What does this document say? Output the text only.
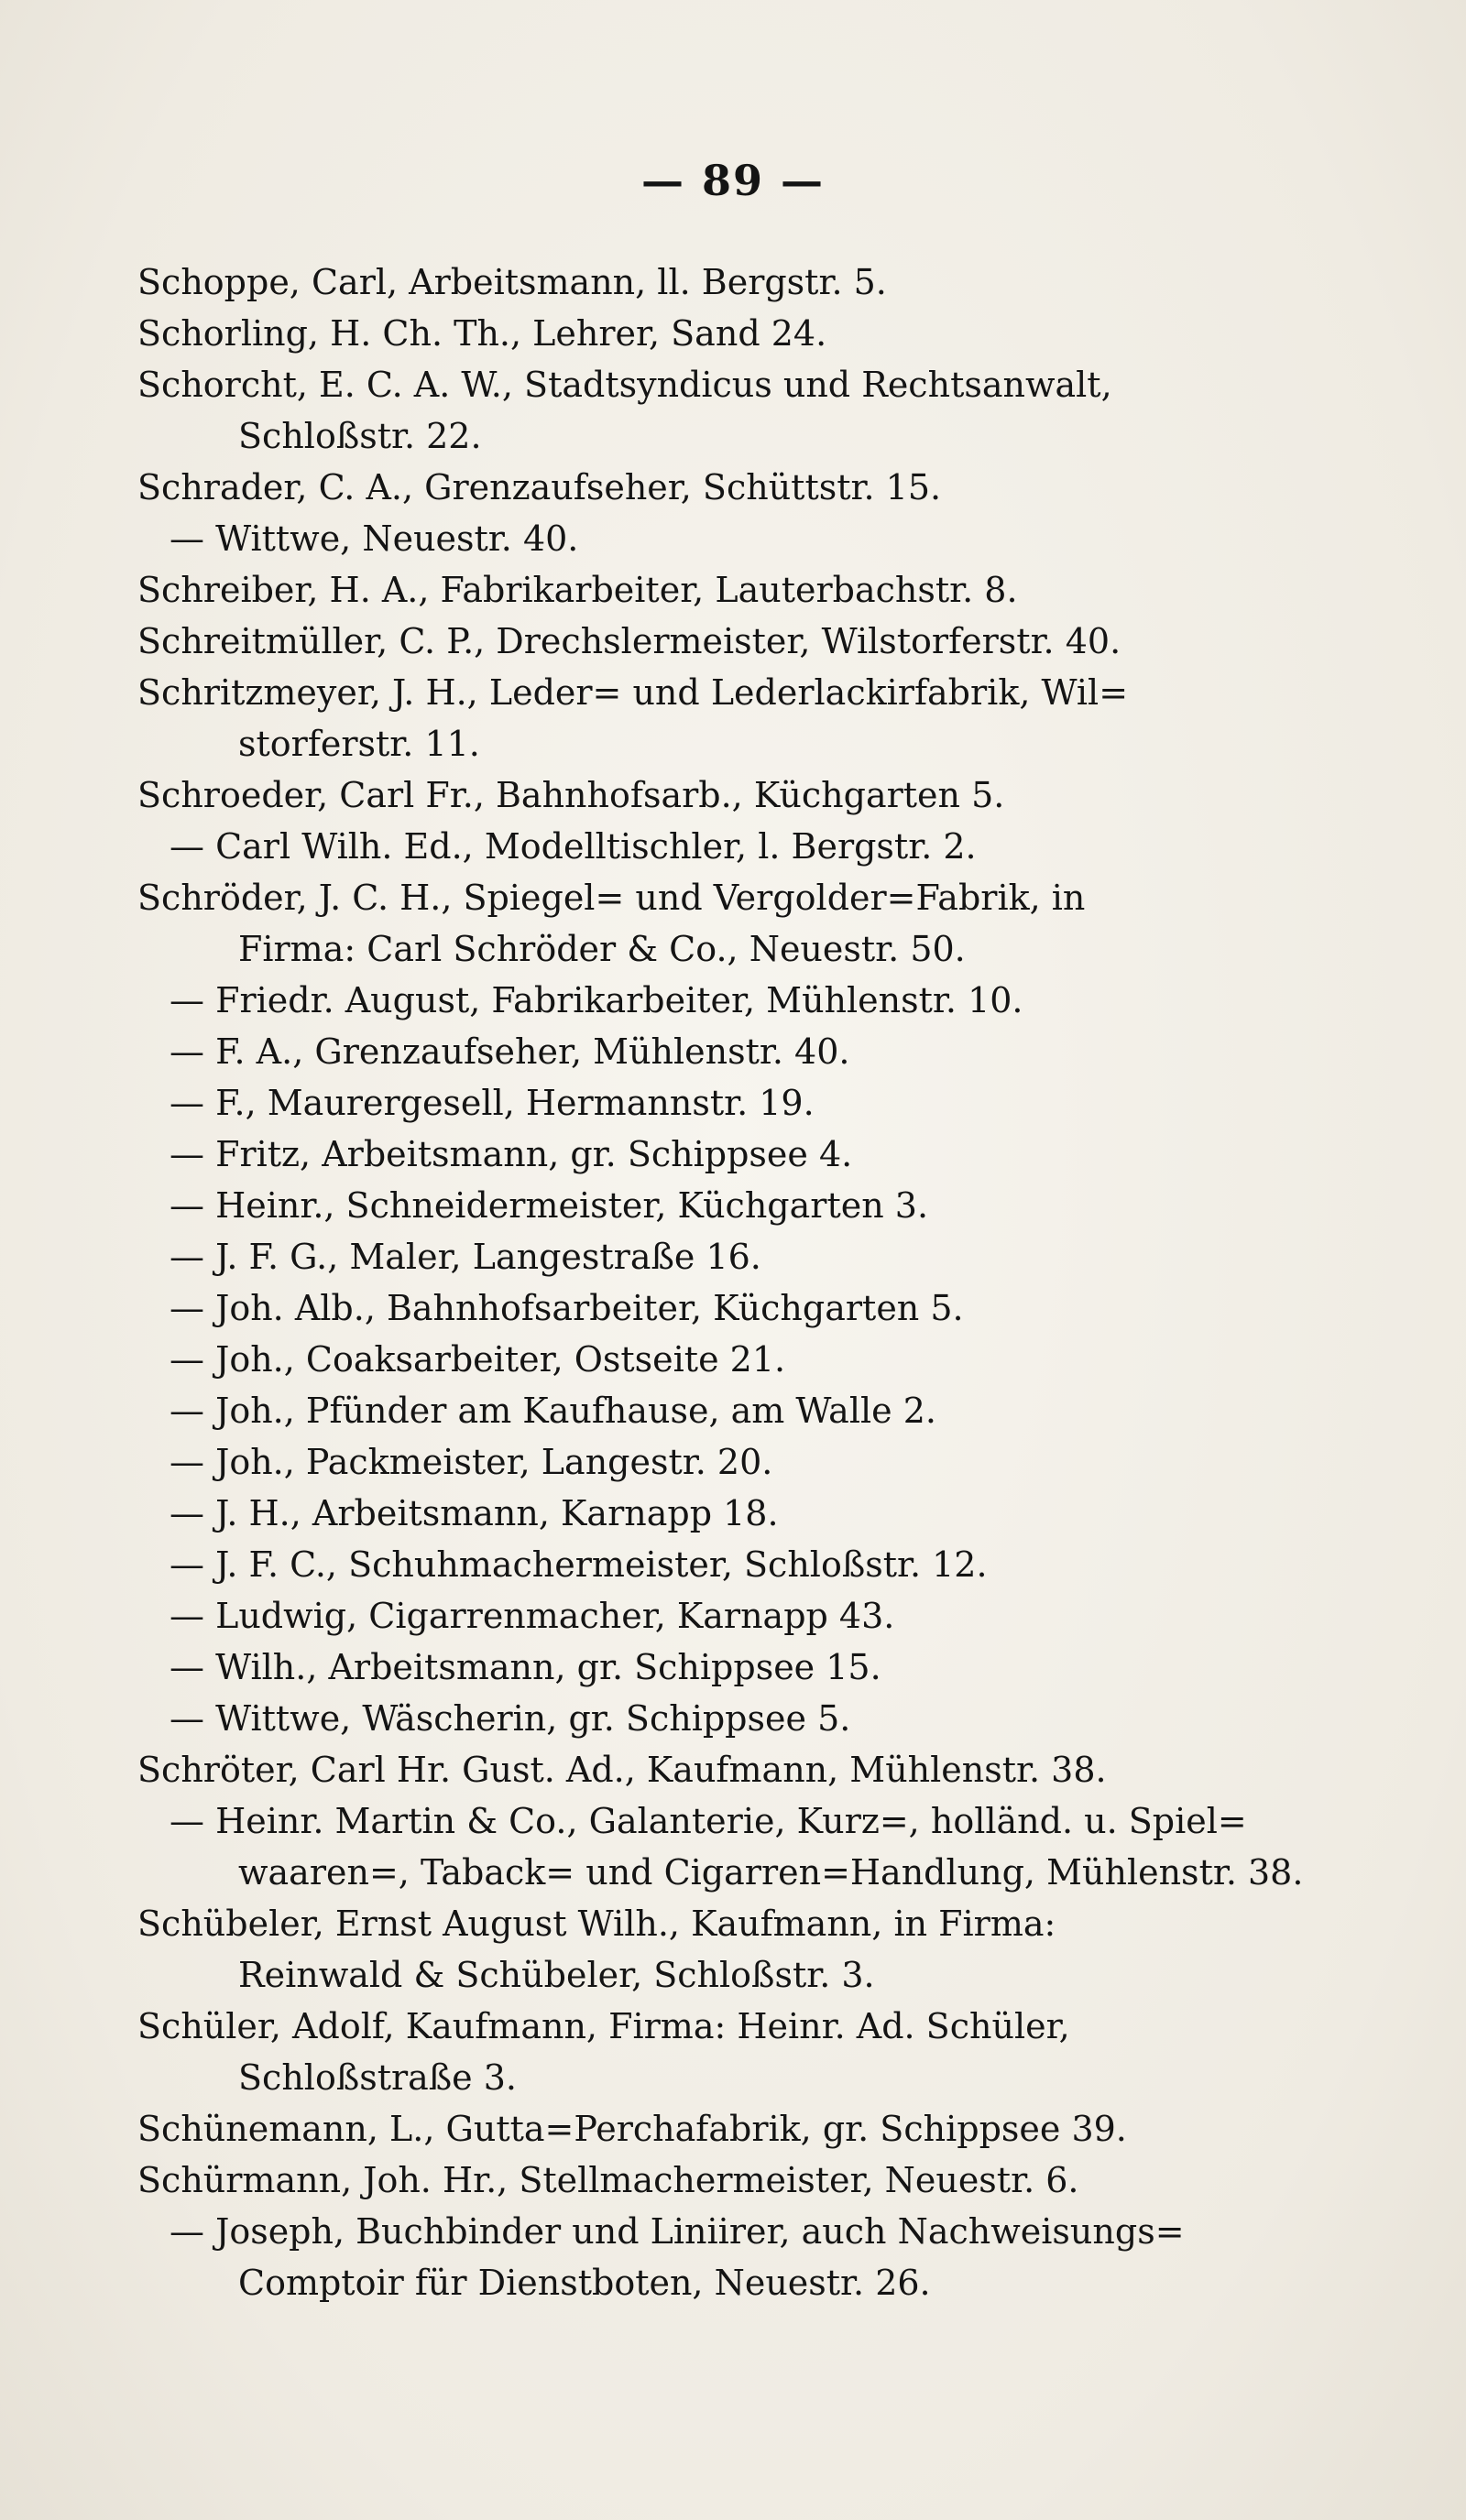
— 89 —
Schoppe, Carl, Arbeitsmann, ll. Bergstr. 5.
Schorling, H. Ch. Th., Lehrer, Sand 24.
Schorcht, E. C. A. W., Stadtsyndicus und Rechtsanwalt,
Schloßstr. 22.
Schrader, C. A., Grenzaufseher, Schüttstr. 15.
— Wittwe, Neuestr. 40.
Schreiber, H. A., Fabrikarbeiter, Lauterbachstr. 8.
Schreitmüller, C. P., Drechslermeister, Wilstorferstr. 40.
Schritzmeyer, J. H., Leder= und Lederlackirfabrik, Wil=
storferstr. 11.
Schroeder, Carl Fr., Bahnhofsarb., Küchgarten 5.
— Carl Wilh. Ed., Modelltischler, l. Bergstr. 2.
Schröder, J. C. H., Spiegel= und Vergolder=Fabrik, in
Firma: Carl Schröder & Co., Neuestr. 50.
— Friedr. August, Fabrikarbeiter, Mühlenstr. 10.
— F. A., Grenzaufseher, Mühlenstr. 40.
— F., Maurergesell, Hermannstr. 19.
— Fritz, Arbeitsmann, gr. Schippsee 4.
— Heinr., Schneidermeister, Küchgarten 3.
— J. F. G., Maler, Langestraße 16.
— Joh. Alb., Bahnhofsarbeiter, Küchgarten 5.
— Joh., Coaksarbeiter, Ostseite 21.
— Joh., Pfünder am Kaufhause, am Walle 2.
— Joh., Packmeister, Langestr. 20.
— J. H., Arbeitsmann, Karnapp 18.
— J. F. C., Schuhmachermeister, Schloßstr. 12.
— Ludwig, Cigarrenmacher, Karnapp 43.
— Wilh., Arbeitsmann, gr. Schippsee 15.
— Wittwe, Wäscherin, gr. Schippsee 5.
Schröter, Carl Hr. Gust. Ad., Kaufmann, Mühlenstr. 38.
— Heinr. Martin & Co., Galanterie, Kurz=, holländ. u. Spiel=
waaren=, Taback= und Cigarren=Handlung, Mühlenstr. 38.
Schübeler, Ernst August Wilh., Kaufmann, in Firma:
Reinwald & Schübeler, Schloßstr. 3.
Schüler, Adolf, Kaufmann, Firma: Heinr. Ad. Schüler,
Schloßstraße 3.
Schünemann, L., Gutta=Perchafabrik, gr. Schippsee 39.
Schürmann, Joh. Hr., Stellmachermeister, Neuestr. 6.
— Joseph, Buchbinder und Liniirer, auch Nachweisungs=
Comptoir für Dienstboten, Neuestr. 26.
